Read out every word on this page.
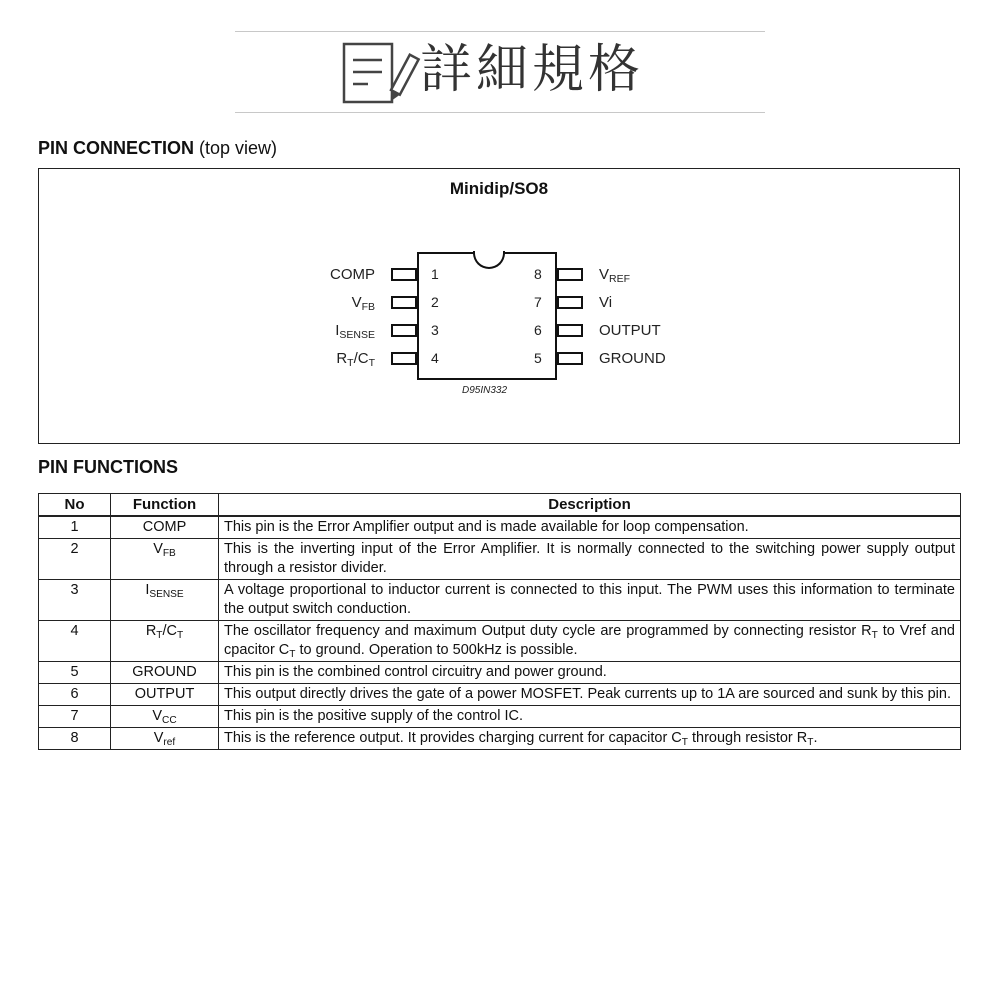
詳細規格
PIN CONNECTION (top view)
Minidip/SO8
1
2
3
4
8
7
6
5
COMP
$V_{FB}$
$I_{SENSE}$
$R_T/C_T$
$V_{REF}$
Vi
OUTPUT
GROUND
D95IN332
PIN FUNCTIONS
No	Function	Description
1	COMP	This pin is the Error Amplifier output and is made available for loop compensation.
2	$V_{FB}$	This is the inverting input of the Error Amplifier. It is normally connected to the switching power supply output through a resistor divider.
3	$I_{SENSE}$	A voltage proportional to inductor current is connected to this input. The PWM uses this information to terminate the output switch conduction.
4	$R_T/C_T$	The oscillator frequency and maximum Output duty cycle are programmed by connecting resistor $R_T$ to Vref and cpacitor $C_T$ to ground. Operation to 500kHz is possible.
5	GROUND	This pin is the combined control circuitry and power ground.
6	OUTPUT	This output directly drives the gate of a power MOSFET. Peak currents up to 1A are sourced and sunk by this pin.
7	$V_{CC}$	This pin is the positive supply of the control IC.
8	$V_{ref}$	This is the reference output. It provides charging current for capacitor $C_T$ through resistor $R_T$.
